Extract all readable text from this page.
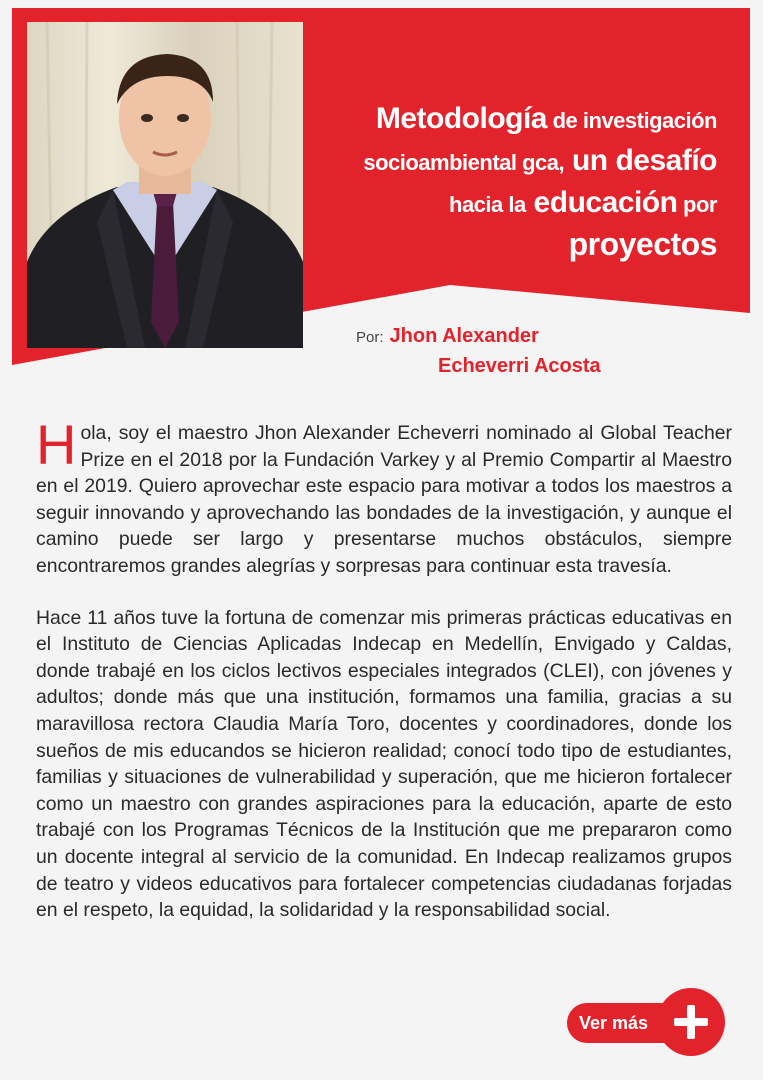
Metodología de investigación
socioambiental gca, un desafío
hacia la educación por
proyectos
Por: Jhon Alexander
Echeverri Acosta

Hola, soy el maestro Jhon Alexander Echeverri nominado al Global Teacher Prize en el 2018 por la Fundación Varkey y al Premio Compartir al Maestro en el 2019. Quiero aprovechar este espacio para motivar a todos los maestros a seguir innovando y aprovechando las bondades de la investigación, y aunque el camino puede ser largo y presentarse muchos obstáculos, siempre encontraremos grandes alegrías y sorpresas para continuar esta travesía.

Hace 11 años tuve la fortuna de comenzar mis primeras prácticas educativas en el Instituto de Ciencias Aplicadas Indecap en Medellín, Envigado y Caldas, donde trabajé en los ciclos lectivos especiales integrados (CLEI), con jóvenes y adultos; donde más que una institución, formamos una familia, gracias a su maravillosa rectora Claudia María Toro, docentes y coordinadores, donde los sueños de mis educandos se hicieron realidad; conocí todo tipo de estudiantes, familias y situaciones de vulnerabilidad y superación, que me hicieron fortalecer como un maestro con grandes aspiraciones para la educación, aparte de esto trabajé con los Programas Técnicos de la Institución que me prepararon como un docente integral al servicio de la comunidad. En Indecap realizamos grupos de teatro y videos educativos para fortalecer competencias ciudadanas forjadas en el respeto, la equidad, la solidaridad y la responsabilidad social.

Ver más
